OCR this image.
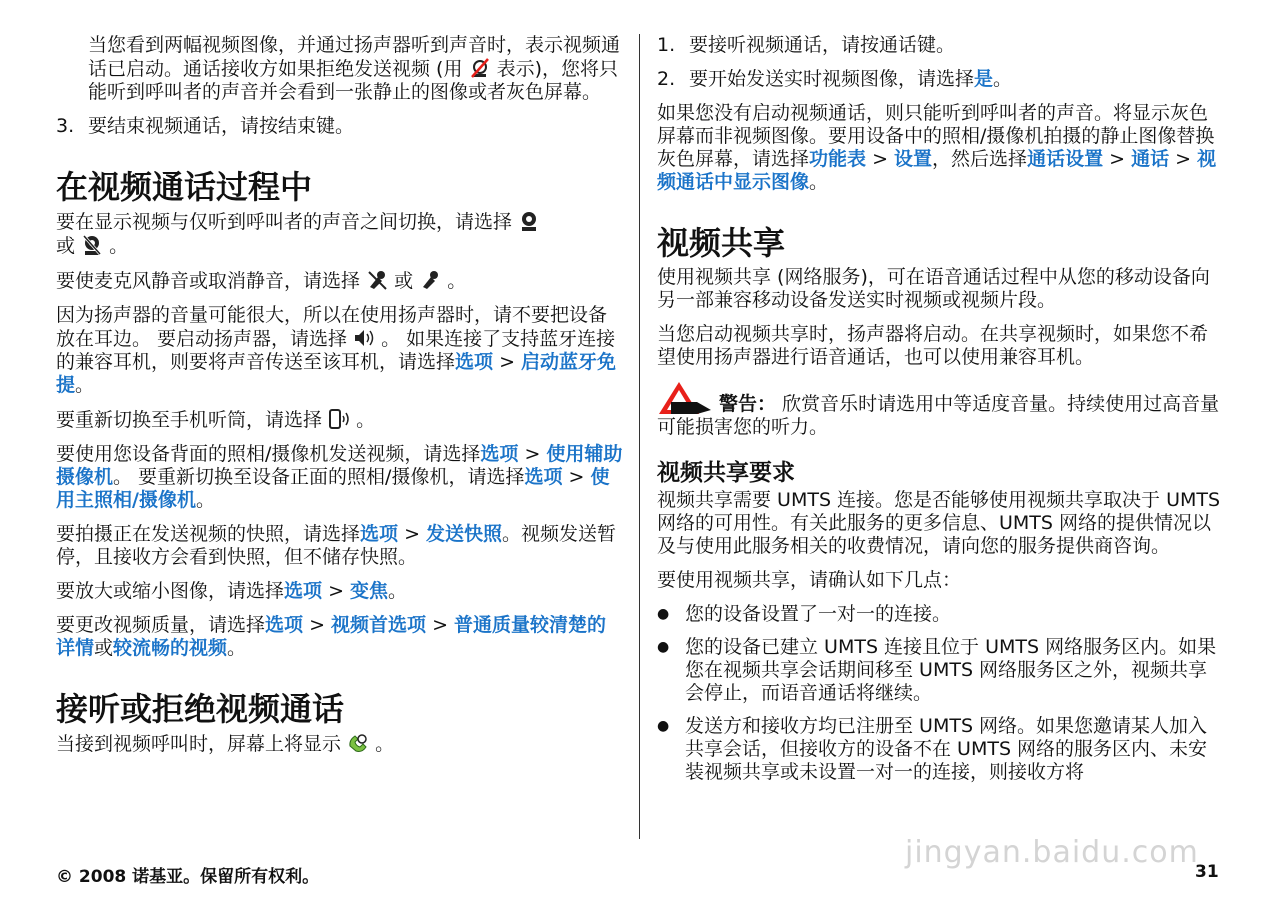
当您看到两幅视频图像，并通过扬声器听到声音时，表示视频通话已启动。通话接收方如果拒绝发送视频 (用 表示)，您将只能听到呼叫者的声音并会看到一张静止的图像或者灰色屏幕。

3. 要结束视频通话，请按结束键。
在视频通话过程中

要在显示视频与仅听到呼叫者的声音之间切换，请选择
或 。

要使麦克风静音或取消静音，请选择 或 。

因为扬声器的音量可能很大，所以在使用扬声器时，请不要把设备放在耳边。 要启动扬声器，请选择 。 如果连接了支持蓝牙连接的兼容耳机，则要将声音传送至该耳机，请选择选项 > 启动蓝牙免提。

要重新切换至手机听筒，请选择 。

要使用您设备背面的照相/摄像机发送视频，请选择选项 > 使用辅助摄像机。 要重新切换至设备正面的照相/摄像机，请选择选项 > 使用主照相/摄像机。

要拍摄正在发送视频的快照，请选择选项 > 发送快照。视频发送暂停，且接收方会看到快照，但不储存快照。

要放大或缩小图像，请选择选项 > 变焦。

要更改视频质量，请选择选项 > 视频首选项 > 普通质量较清楚的详情或较流畅的视频。

接听或拒绝视频通话

当接到视频呼叫时，屏幕上将显示 。

1. 要接听视频通话，请按通话键。
2. 要开始发送实时视频图像，请选择是。

如果您没有启动视频通话，则只能听到呼叫者的声音。将显示灰色屏幕而非视频图像。要用设备中的照相/摄像机拍摄的静止图像替换灰色屏幕，请选择功能表 > 设置，然后选择通话设置 > 通话 > 视频通话中显示图像。

视频共享

使用视频共享 (网络服务)，可在语音通话过程中从您的移动设备向另一部兼容移动设备发送实时视频或视频片段。

当您启动视频共享时，扬声器将启动。在共享视频时，如果您不希望使用扬声器进行语音通话，也可以使用兼容耳机。

警告： 欣赏音乐时请选用中等适度音量。持续使用过高音量可能损害您的听力。

视频共享要求

视频共享需要 UMTS 连接。您是否能够使用视频共享取决于 UMTS 网络的可用性。有关此服务的更多信息、UMTS 网络的提供情况以及与使用此服务相关的收费情况，请向您的服务提供商咨询。

要使用视频共享，请确认如下几点：

● 您的设备设置了一对一的连接。
● 您的设备已建立 UMTS 连接且位于 UMTS 网络服务区内。如果您在视频共享会话期间移至 UMTS 网络服务区之外，视频共享会停止，而语音通话将继续。
● 发送方和接收方均已注册至 UMTS 网络。如果您邀请某人加入共享会话，但接收方的设备不在 UMTS 网络的服务区内、未安装视频共享或未设置一对一的连接，则接收方将
© 2008 诺基亚。保留所有权利。	31
jingyan.baidu.com
